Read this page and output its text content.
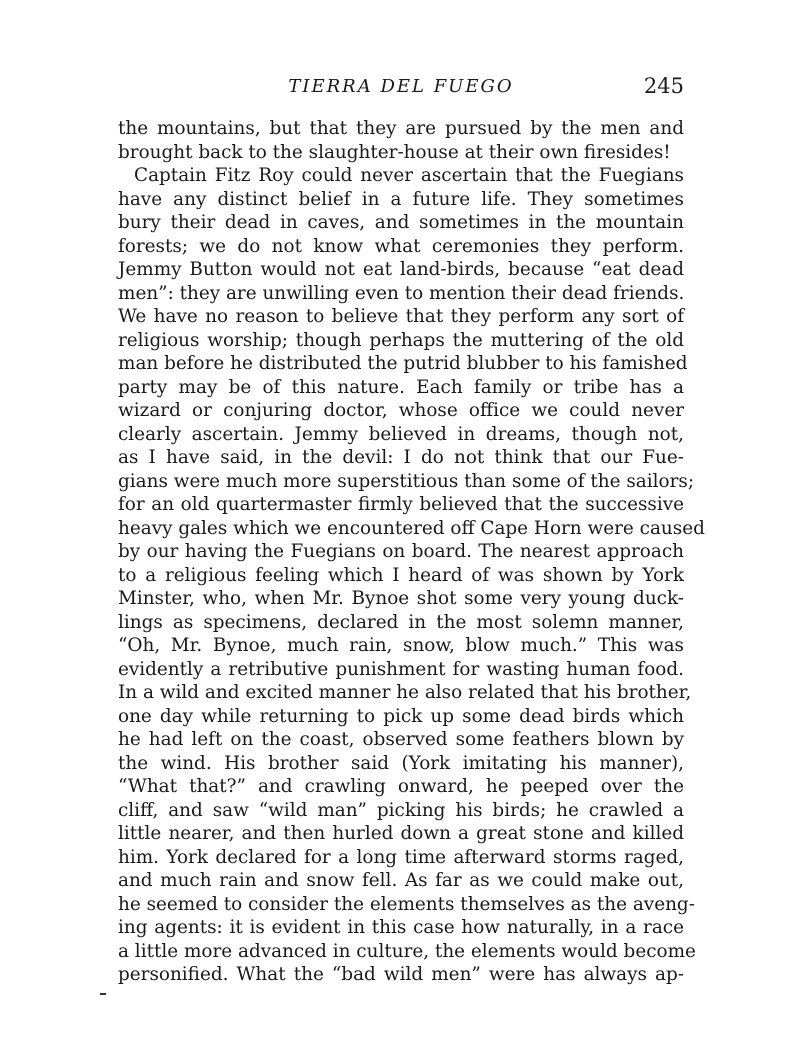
TIERRA DEL FUEGO	245
the mountains, but that they are pursued by the men and
brought back to the slaughter-house at their own firesides!
Captain Fitz Roy could never ascertain that the Fuegians
have any distinct belief in a future life. They sometimes
bury their dead in caves, and sometimes in the mountain
forests; we do not know what ceremonies they perform.
Jemmy Button would not eat land-birds, because “eat dead
men”: they are unwilling even to mention their dead friends.
We have no reason to believe that they perform any sort of
religious worship; though perhaps the muttering of the old
man before he distributed the putrid blubber to his famished
party may be of this nature. Each family or tribe has a
wizard or conjuring doctor, whose office we could never
clearly ascertain. Jemmy believed in dreams, though not,
as I have said, in the devil: I do not think that our Fue-
gians were much more superstitious than some of the sailors;
for an old quartermaster firmly believed that the successive
heavy gales which we encountered off Cape Horn were caused
by our having the Fuegians on board. The nearest approach
to a religious feeling which I heard of was shown by York
Minster, who, when Mr. Bynoe shot some very young duck-
lings as specimens, declared in the most solemn manner,
“Oh, Mr. Bynoe, much rain, snow, blow much.” This was
evidently a retributive punishment for wasting human food.
In a wild and excited manner he also related that his brother,
one day while returning to pick up some dead birds which
he had left on the coast, observed some feathers blown by
the wind. His brother said (York imitating his manner),
“What that?” and crawling onward, he peeped over the
cliff, and saw “wild man” picking his birds; he crawled a
little nearer, and then hurled down a great stone and killed
him. York declared for a long time afterward storms raged,
and much rain and snow fell. As far as we could make out,
he seemed to consider the elements themselves as the aveng-
ing agents: it is evident in this case how naturally, in a race
a little more advanced in culture, the elements would become
personified. What the “bad wild men” were has always ap-
